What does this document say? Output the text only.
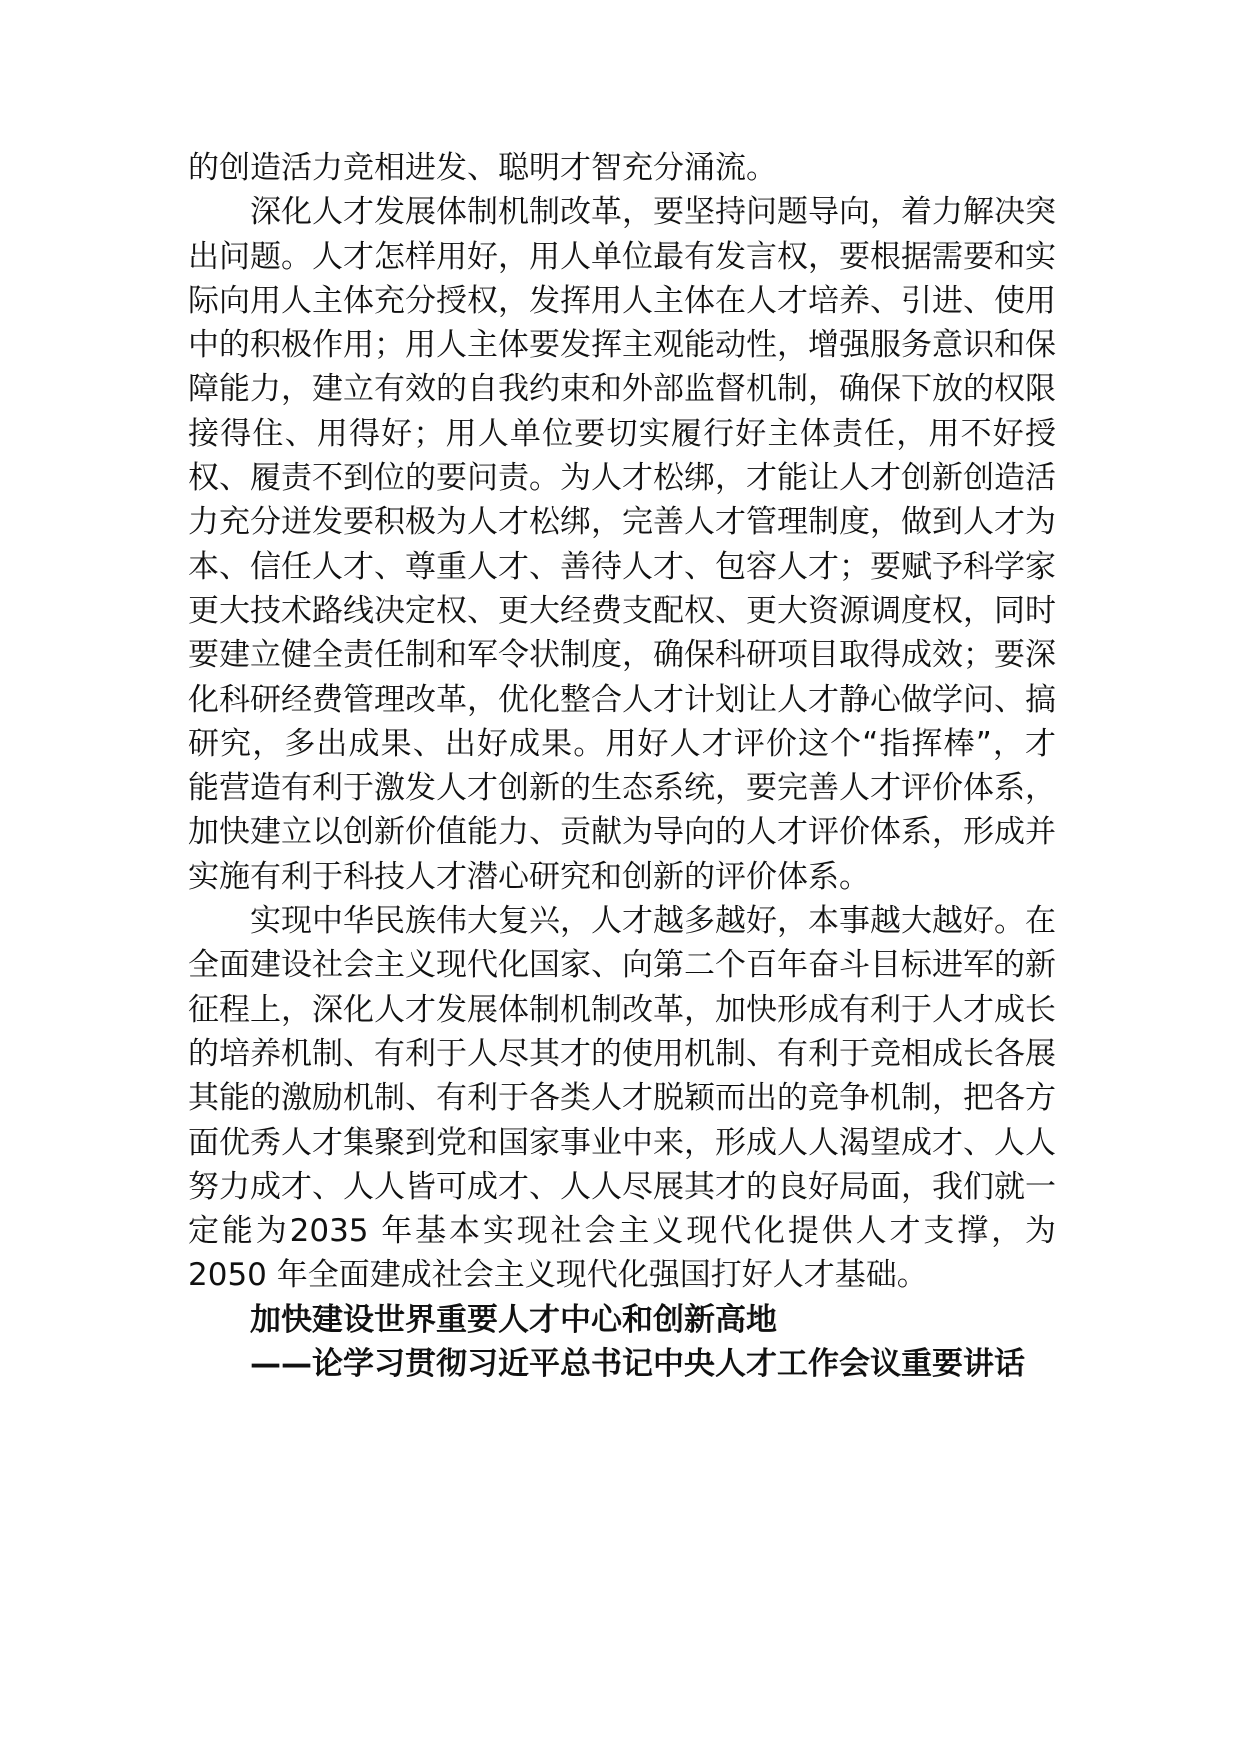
的创造活力竞相进发、聪明才智充分涌流。

深化人才发展体制机制改革，要坚持问题导向，着力解决突出问题。人才怎样用好，用人单位最有发言权，要根据需要和实际向用人主体充分授权，发挥用人主体在人才培养、引进、使用中的积极作用；用人主体要发挥主观能动性，增强服务意识和保障能力，建立有效的自我约束和外部监督机制，确保下放的权限接得住、用得好；用人单位要切实履行好主体责任，用不好授权、履责不到位的要问责。为人才松绑，才能让人才创新创造活力充分迸发要积极为人才松绑，完善人才管理制度，做到人才为本、信任人才、尊重人才、善待人才、包容人才；要赋予科学家更大技术路线决定权、更大经费支配权、更大资源调度权，同时要建立健全责任制和军令状制度，确保科研项目取得成效；要深化科研经费管理改革，优化整合人才计划让人才静心做学问、搞研究，多出成果、出好成果。用好人才评价这个“指挥棒”，才能营造有利于激发人才创新的生态系统，要完善人才评价体系，加快建立以创新价值能力、贡献为导向的人才评价体系，形成并实施有利于科技人才潜心研究和创新的评价体系。

实现中华民族伟大复兴，人才越多越好，本事越大越好。在全面建设社会主义现代化国家、向第二个百年奋斗目标进军的新征程上，深化人才发展体制机制改革，加快形成有利于人才成长的培养机制、有利于人尽其才的使用机制、有利于竞相成长各展其能的激励机制、有利于各类人才脱颖而出的竞争机制，把各方面优秀人才集聚到党和国家事业中来，形成人人渴望成才、人人努力成才、人人皆可成才、人人尽展其才的良好局面，我们就一定能为2035 年基本实现社会主义现代化提供人才支撑，为 2050 年全面建成社会主义现代化强国打好人才基础。

加快建设世界重要人才中心和创新高地

——论学习贯彻习近平总书记中央人才工作会议重要讲话
